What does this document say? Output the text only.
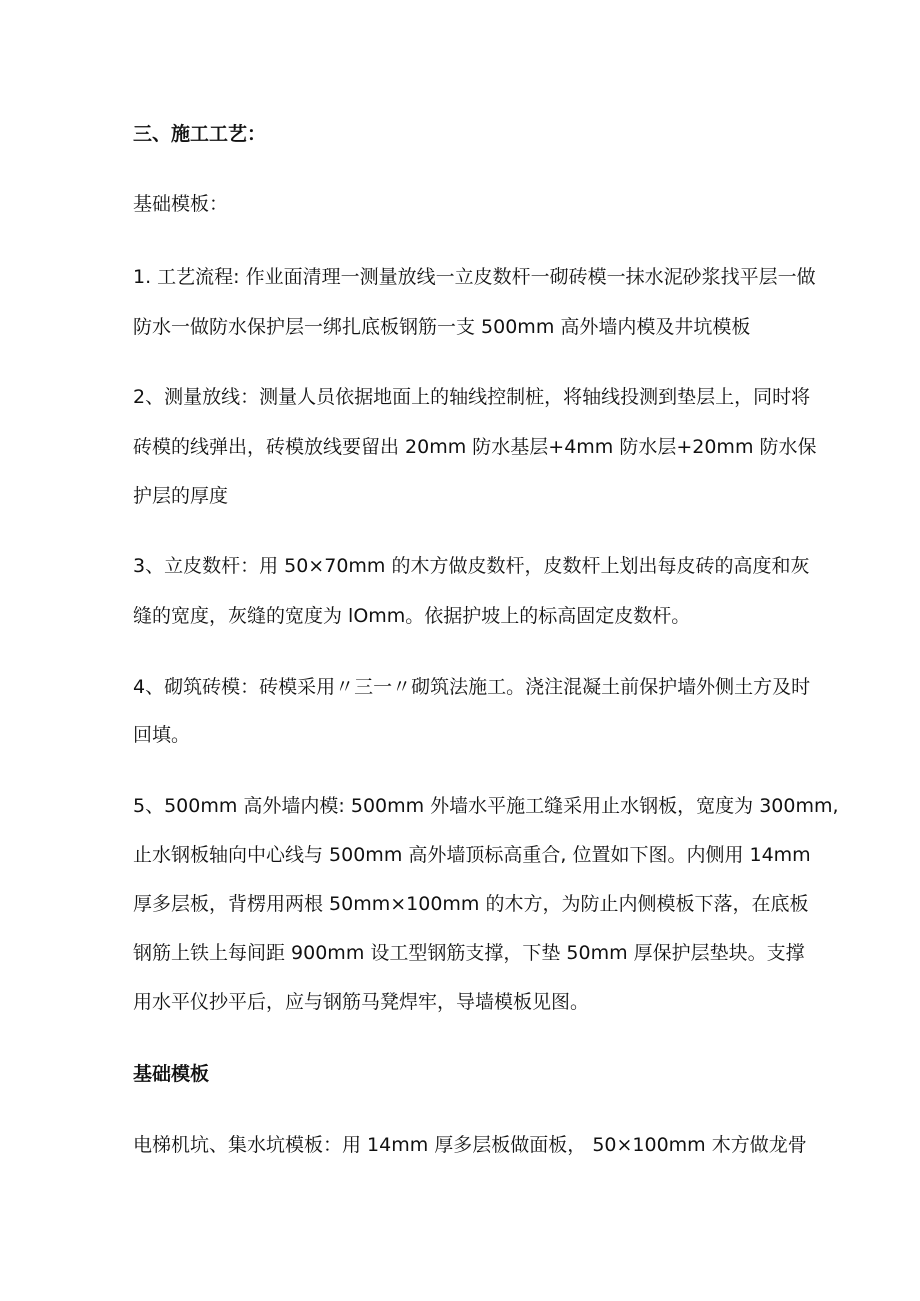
三、施工工艺：
基础模板：
1. 工艺流程: 作业面清理一测量放线一立皮数杆一砌砖模一抹水泥砂浆找平层一做
防水一做防水保护层一绑扎底板钢筋一支 500mm 高外墙内模及井坑模板
2、测量放线：测量人员依据地面上的轴线控制桩，将轴线投测到垫层上，同时将
砖模的线弹出，砖模放线要留出 20mm 防水基层+4mm 防水层+20mm 防水保
护层的厚度
3、立皮数杆：用 50×70mm 的木方做皮数杆，皮数杆上划出每皮砖的高度和灰
缝的宽度，灰缝的宽度为 lOmm。依据护坡上的标高固定皮数杆。
4、砌筑砖模：砖模采用〃三一〃砌筑法施工。浇注混凝土前保护墙外侧土方及时
回填。
5、500mm 高外墙内模: 500mm 外墙水平施工缝采用止水钢板，宽度为 300mm,
止水钢板轴向中心线与 500mm 高外墙顶标高重合, 位置如下图。内侧用 14mm
厚多层板，背楞用两根 50mm×100mm 的木方，为防止内侧模板下落，在底板
钢筋上铁上每间距 900mm 设工型钢筋支撑，下垫 50mm 厚保护层垫块。支撑
用水平仪抄平后，应与钢筋马凳焊牢，导墙模板见图。
基础模板
电梯机坑、集水坑模板：用 14mm 厚多层板做面板， 50×100mm 木方做龙骨
